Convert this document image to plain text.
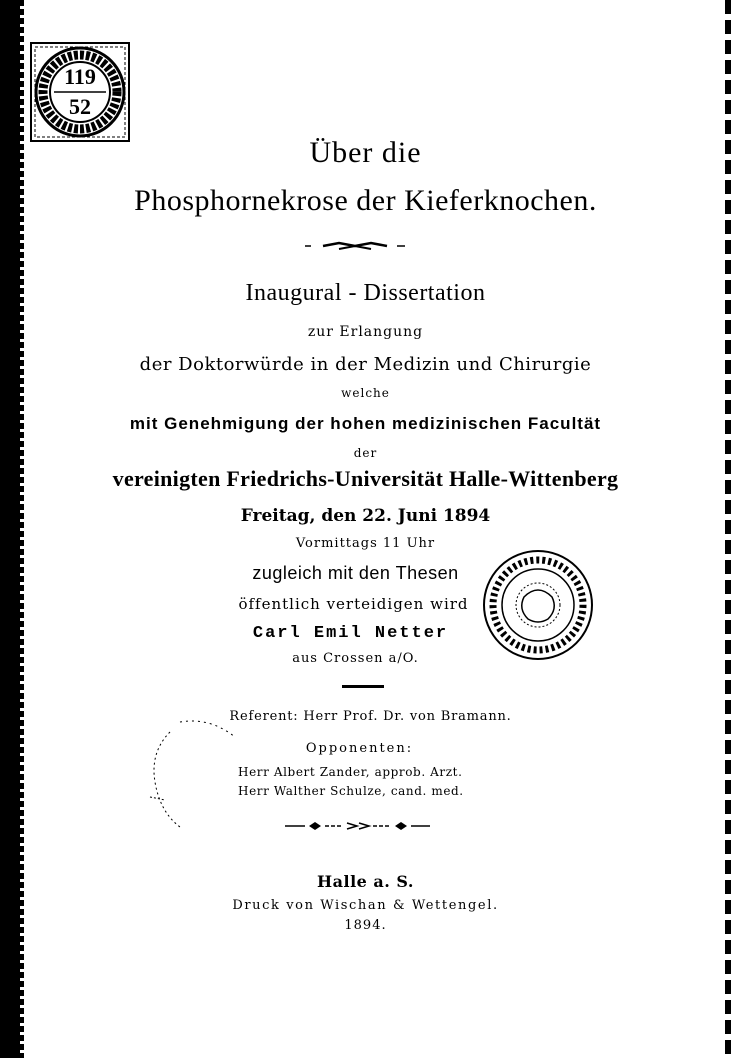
119
52
Über die
Phosphornekrose der Kieferknochen.
Inaugural - Dissertation
zur Erlangung
der Doktorwürde in der Medizin und Chirurgie
welche
mit Genehmigung der hohen medizinischen Facultät
der
vereinigten Friedrichs-Universität Halle-Wittenberg
Freitag, den 22. Juni 1894
Vormittags 11 Uhr
zugleich mit den Thesen
öffentlich verteidigen wird
Carl Emil Netter
aus Crossen a/O.
Referent: Herr Prof. Dr. von Bramann.
Opponenten:
Herr Albert Zander, approb. Arzt.
Herr Walther Schulze, cand. med.
Halle a. S.
Druck von Wischan & Wettengel.
1894.
